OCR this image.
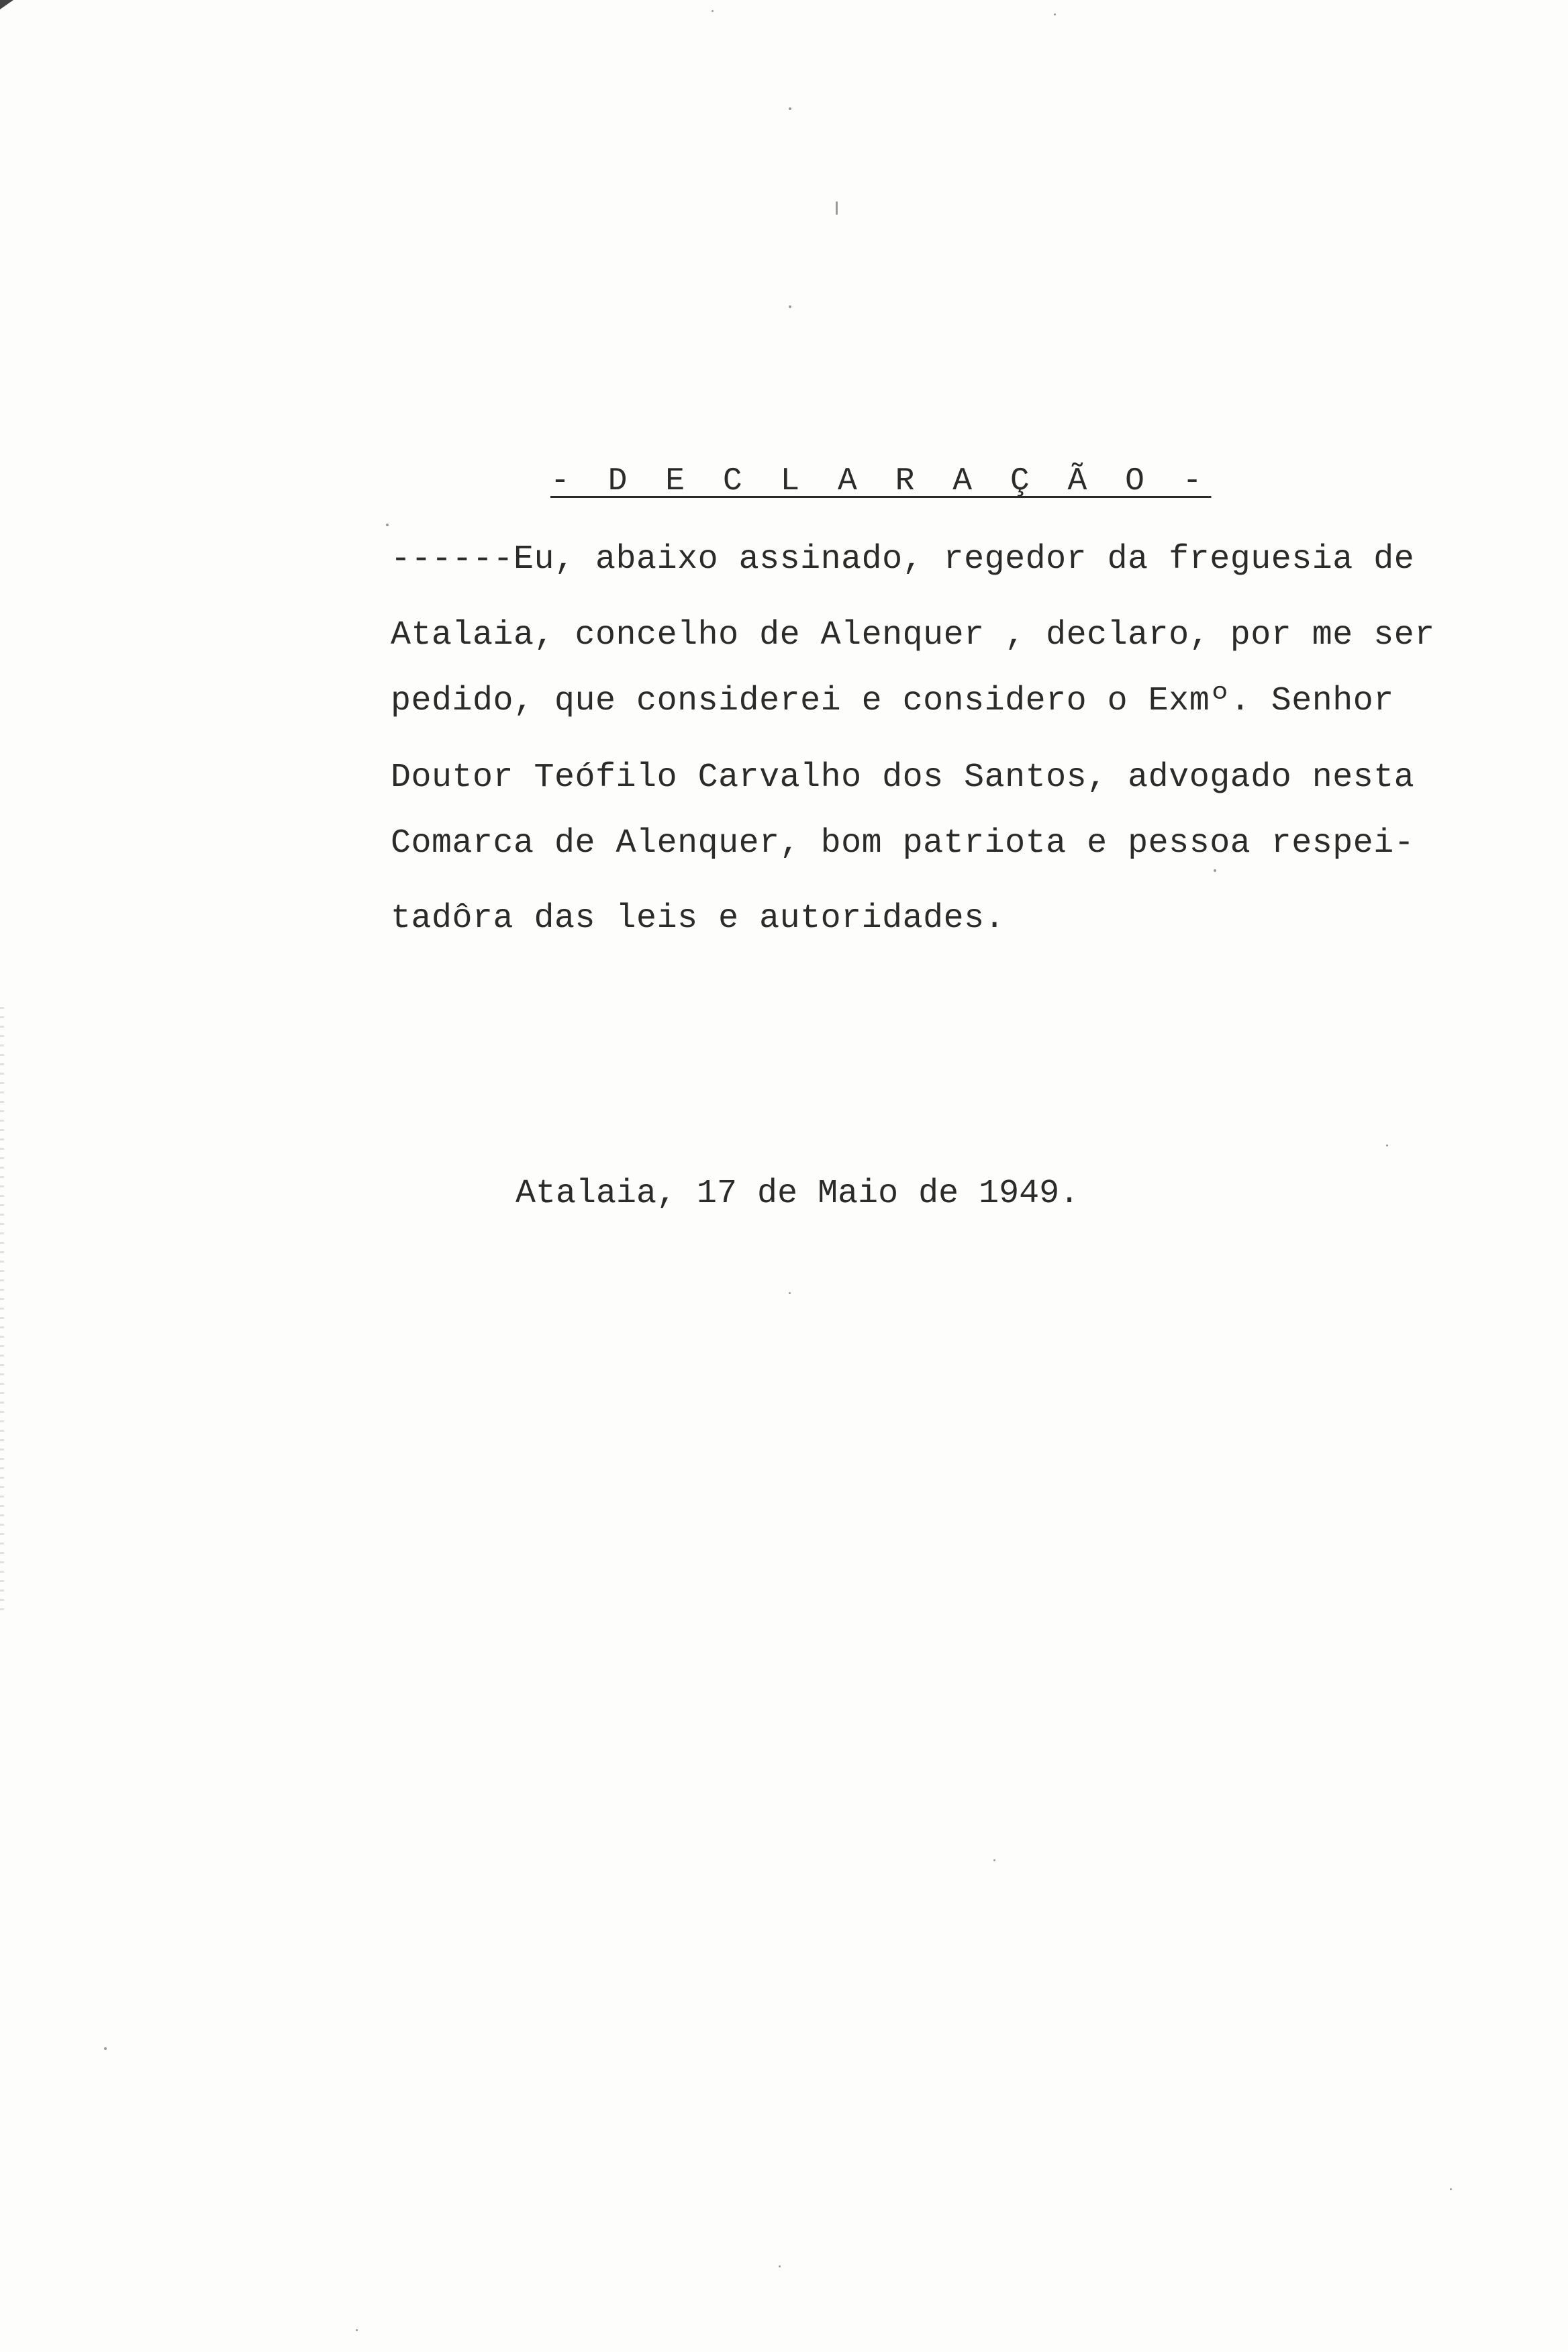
- D E C L A R A Ç Ã O -
------Eu, abaixo assinado, regedor da freguesia de
Atalaia, concelho de Alenquer , declaro, por me ser
pedido, que considerei e considero o Exmº. Senhor
Doutor Teófilo Carvalho dos Santos, advogado nesta
Comarca de Alenquer, bom patriota e pessoa respei-
tadôra das leis e autoridades.
Atalaia, 17 de Maio de 1949.
